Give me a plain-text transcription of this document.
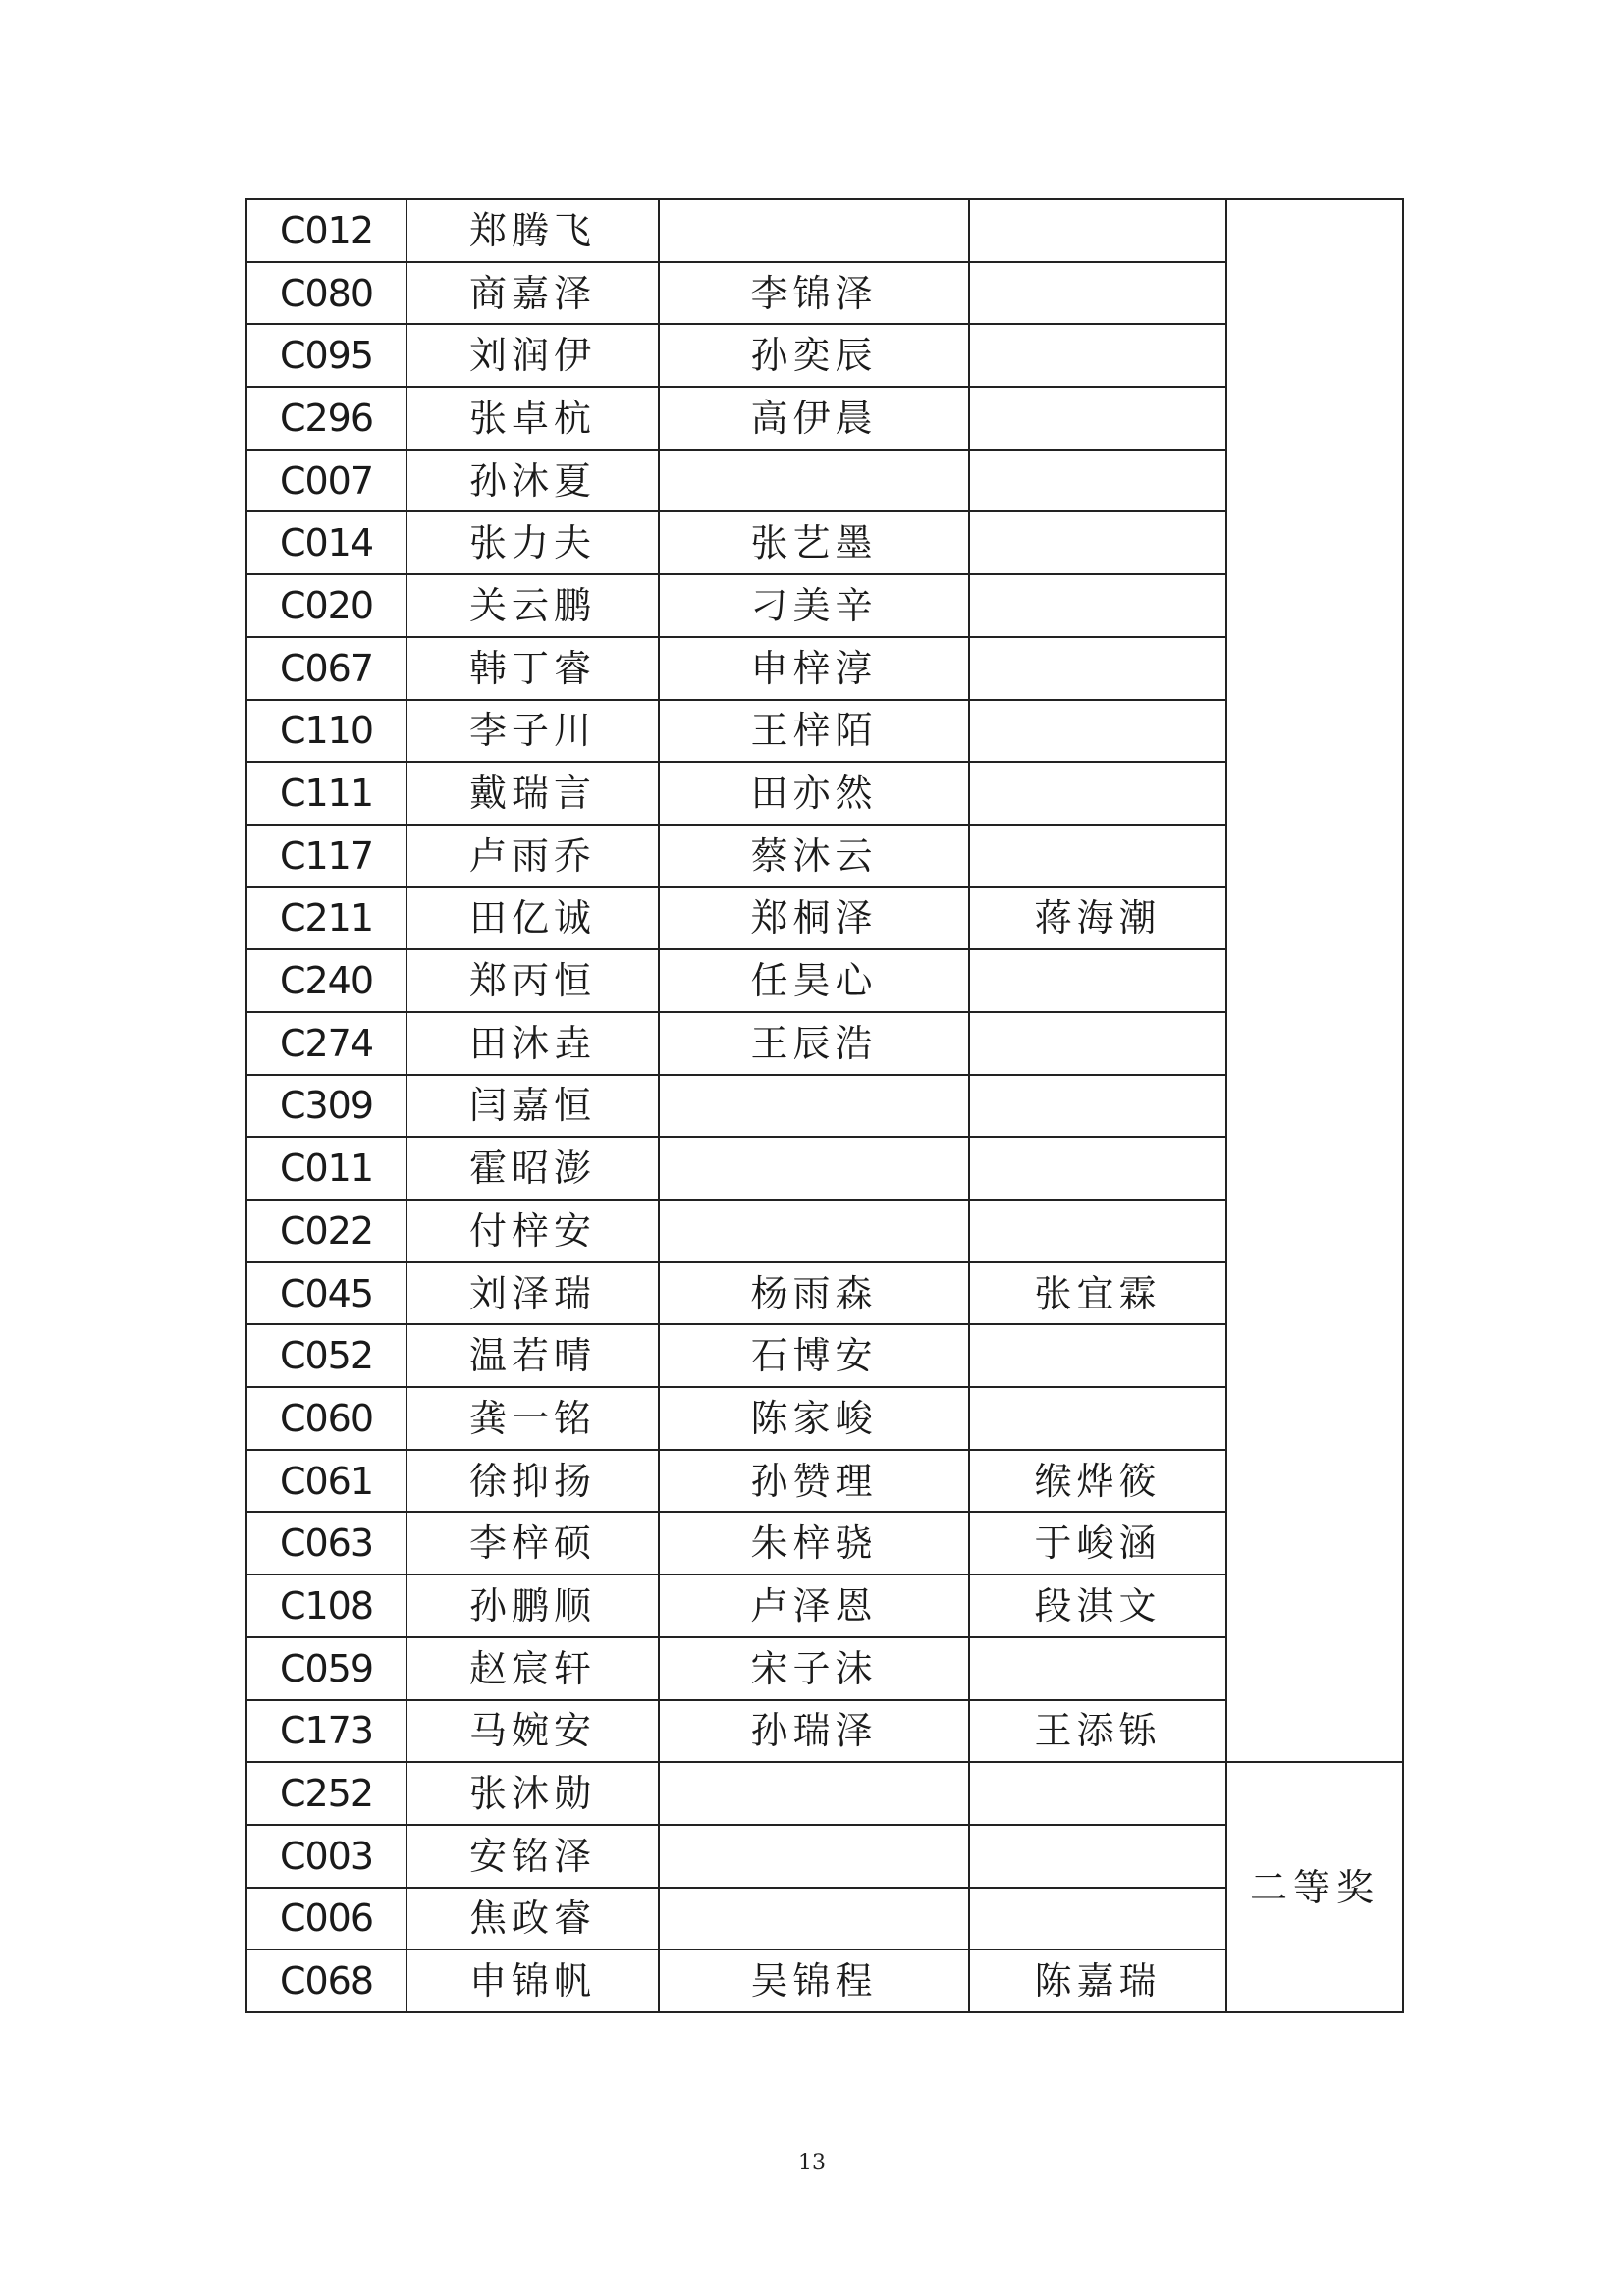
C012	郑腾飞			
C080	商嘉泽	李锦泽		
C095	刘润伊	孙奕辰		
C296	张卓杭	高伊晨		
C007	孙沐夏			
C014	张力夫	张艺墨		
C020	关云鹏	刁美辛		
C067	韩丁睿	申梓淳		
C110	李子川	王梓陌		
C111	戴瑞言	田亦然		
C117	卢雨乔	蔡沐云		
C211	田亿诚	郑桐泽	蒋海潮	
C240	郑丙恒	任昊心		
C274	田沐垚	王辰浩		
C309	闫嘉恒			
C011	霍昭澎			
C022	付梓安			
C045	刘泽瑞	杨雨森	张宜霖	
C052	温若晴	石博安		
C060	龚一铭	陈家峻		
C061	徐抑扬	孙赞理	缑烨筱	
C063	李梓硕	朱梓骁	于峻涵	
C108	孙鹏顺	卢泽恩	段淇文	
C059	赵宸轩	宋子沫		
C173	马婉安	孙瑞泽	王添铄	
C252	张沐勋			二等奖
C003	安铭泽			
C006	焦政睿			
C068	申锦帆	吴锦程	陈嘉瑞	
13
